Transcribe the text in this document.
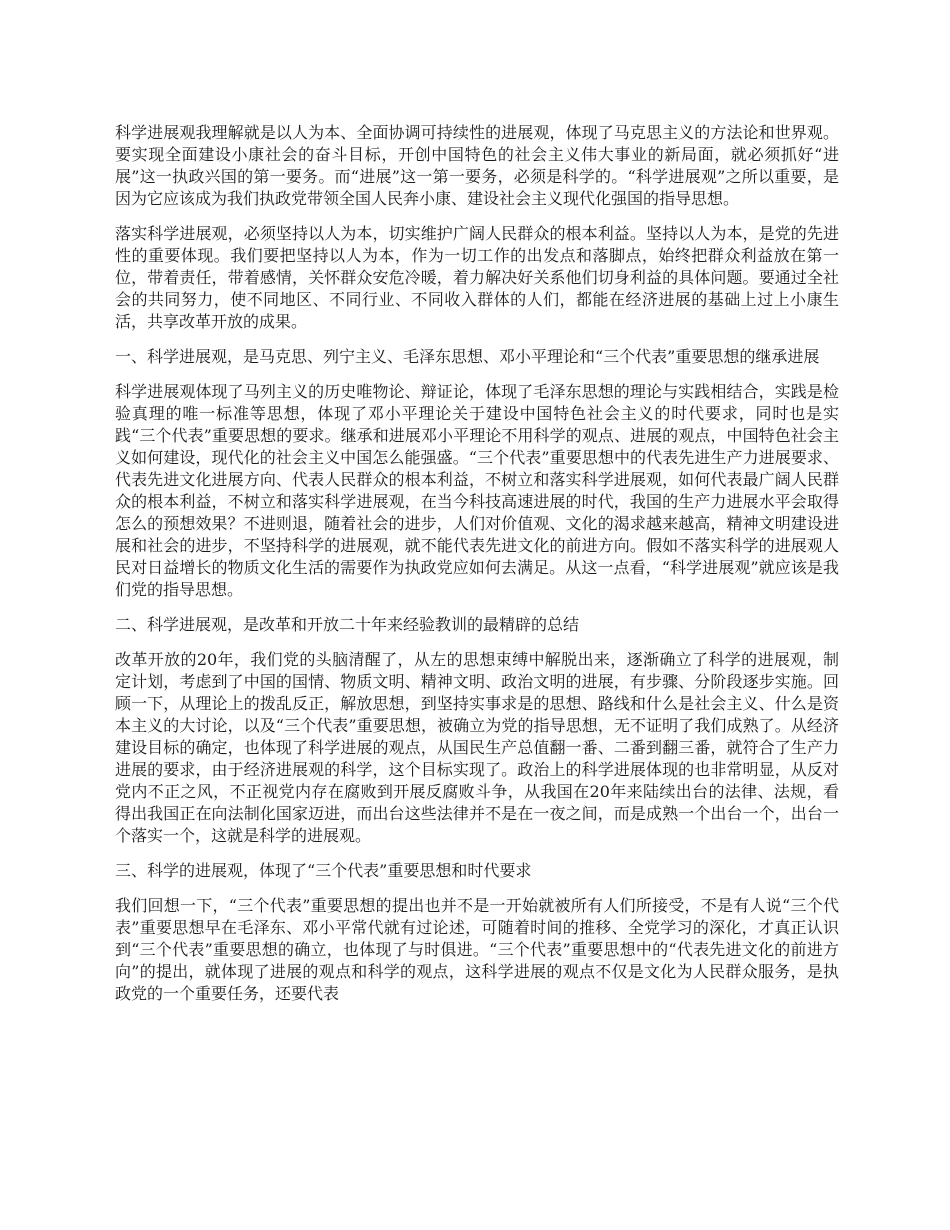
科学进展观我理解就是以人为本、全面协调可持续性的进展观，体现了马克思主义的方法论和世界观。要实现全面建设小康社会的奋斗目标，开创中国特色的社会主义伟大事业的新局面，就必须抓好“进展”这一执政兴国的第一要务。而“进展”这一第一要务，必须是科学的。“科学进展观”之所以重要，是因为它应该成为我们执政党带领全国人民奔小康、建设社会主义现代化强国的指导思想。

落实科学进展观，必须坚持以人为本，切实维护广阔人民群众的根本利益。坚持以人为本，是党的先进性的重要体现。我们要把坚持以人为本，作为一切工作的出发点和落脚点，始终把群众利益放在第一位，带着责任，带着感情，关怀群众安危冷暖，着力解决好关系他们切身利益的具体问题。要通过全社会的共同努力，使不同地区、不同行业、不同收入群体的人们，都能在经济进展的基础上过上小康生活，共享改革开放的成果。

一、科学进展观，是马克思、列宁主义、毛泽东思想、邓小平理论和“三个代表”重要思想的继承进展

科学进展观体现了马列主义的历史唯物论、辩证论，体现了毛泽东思想的理论与实践相结合，实践是检验真理的唯一标准等思想，体现了邓小平理论关于建设中国特色社会主义的时代要求，同时也是实践“三个代表”重要思想的要求。继承和进展邓小平理论不用科学的观点、进展的观点，中国特色社会主义如何建设，现代化的社会主义中国怎么能强盛。“三个代表”重要思想中的代表先进生产力进展要求、代表先进文化进展方向、代表人民群众的根本利益，不树立和落实科学进展观，如何代表最广阔人民群众的根本利益，不树立和落实科学进展观，在当今科技高速进展的时代，我国的生产力进展水平会取得怎么的预想效果？不进则退，随着社会的进步，人们对价值观、文化的渴求越来越高，精神文明建设进展和社会的进步，不坚持科学的进展观，就不能代表先进文化的前进方向。假如不落实科学的进展观人民对日益增长的物质文化生活的需要作为执政党应如何去满足。从这一点看，“科学进展观”就应该是我们党的指导思想。

二、科学进展观，是改革和开放二十年来经验教训的最精辟的总结

改革开放的20年，我们党的头脑清醒了，从左的思想束缚中解脱出来，逐渐确立了科学的进展观，制定计划，考虑到了中国的国情、物质文明、精神文明、政治文明的进展，有步骤、分阶段逐步实施。回顾一下，从理论上的拨乱反正，解放思想，到坚持实事求是的思想、路线和什么是社会主义、什么是资本主义的大讨论，以及“三个代表”重要思想，被确立为党的指导思想，无不证明了我们成熟了。从经济建设目标的确定，也体现了科学进展的观点，从国民生产总值翻一番、二番到翻三番，就符合了生产力进展的要求，由于经济进展观的科学，这个目标实现了。政治上的科学进展体现的也非常明显，从反对党内不正之风，不正视党内存在腐败到开展反腐败斗争，从我国在20年来陆续出台的法律、法规，看得出我国正在向法制化国家迈进，而出台这些法律并不是在一夜之间，而是成熟一个出台一个，出台一个落实一个，这就是科学的进展观。

三、科学的进展观，体现了“三个代表”重要思想和时代要求

我们回想一下，“三个代表”重要思想的提出也并不是一开始就被所有人们所接受，不是有人说“三个代表”重要思想早在毛泽东、邓小平常代就有过论述，可随着时间的推移、全党学习的深化，才真正认识到“三个代表”重要思想的确立，也体现了与时俱进。“三个代表”重要思想中的“代表先进文化的前进方向”的提出，就体现了进展的观点和科学的观点，这科学进展的观点不仅是文化为人民群众服务，是执政党的一个重要任务，还要代表
